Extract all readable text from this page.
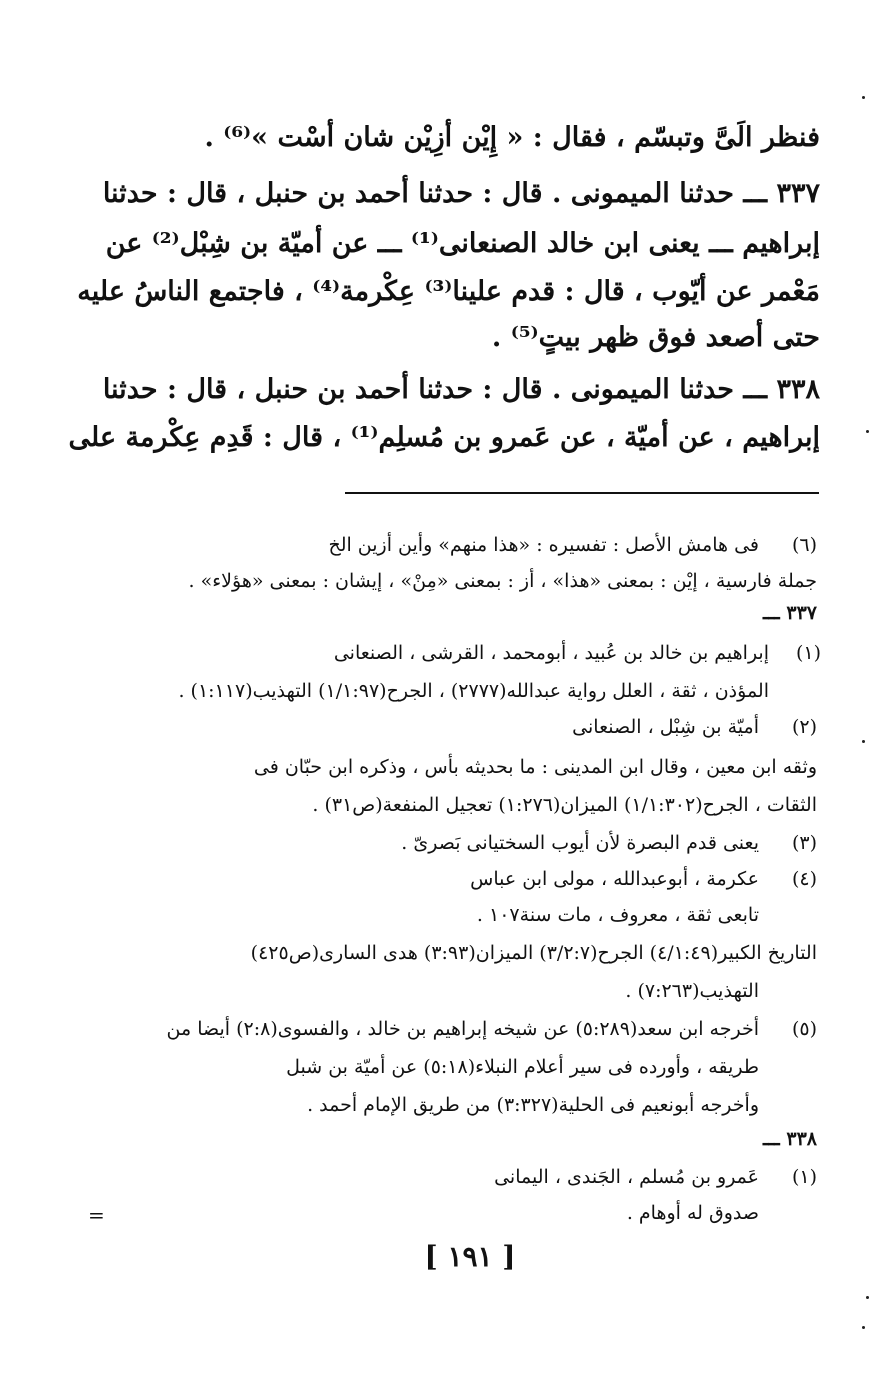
فنظر الَىَّ وتبسّم ، فقال : « إِيْن أزِيْن شان أسْت »⁽⁶⁾ .
٣٣٧ ـــ حدثنا الميمونى . قال : حدثنا أحمد بن حنبل ، قال : حدثنا
إبراهيم ـــ يعنى ابن خالد الصنعانى⁽¹⁾ ـــ عن أميّة بن شِبْل⁽²⁾ عن
مَعْمر عن أيّوب ، قال : قدم علينا⁽³⁾ عِكْرمة⁽⁴⁾ ، فاجتمع الناسُ عليه
حتى أصعد فوق ظهر بيتٍ⁽⁵⁾ .
٣٣٨ ـــ حدثنا الميمونى . قال : حدثنا أحمد بن حنبل ، قال : حدثنا
إبراهيم ، عن أميّة ، عن عَمرو بن مُسلِم⁽¹⁾ ، قال : قَدِم عِكْرمة على
(٦)
فى هامش الأصل : تفسيره : «هذا منهم» وأين أزين الخ
جملة فارسية ، إيْن : بمعنى «هذا» ، أز : بمعنى «مِنْ» ، إيشان : بمعنى «هؤلاء» .
٣٣٧ ـــ
(١)
إبراهيم بن خالد بن عُبيد ، أبومحمد ، القرشى ، الصنعانى
المؤذن ، ثقة ، العلل رواية عبدالله(٢٧٧٧) ، الجرح(١/١:٩٧) التهذيب(١:١١٧) .
(٢)
أميّة بن شِبْل ، الصنعانى
وثقه ابن معين ، وقال ابن المدينى : ما بحديثه بأس ، وذكره ابن حبّان فى
الثقات ، الجرح(١/١:٣٠٢) الميزان(١:٢٧٦) تعجيل المنفعة(ص٣١) .
(٣)
يعنى قدم البصرة لأن أيوب السختيانى بَصرىّ .
(٤)
عكرمة ، أبوعبدالله ، مولى ابن عباس
تابعى ثقة ، معروف ، مات سنة١٠٧ .
التاريخ الكبير(٤/١:٤٩) الجرح(٣/٢:٧) الميزان(٣:٩٣) هدى السارى(ص٤٢٥)
التهذيب(٧:٢٦٣) .
(٥)
أخرجه ابن سعد(٥:٢٨٩) عن شيخه إبراهيم بن خالد ، والفسوى(٢:٨) أيضا من
طريقه ، وأورده فى سير أعلام النبلاء(٥:١٨) عن أميّة بن شبل
وأخرجه أبونعيم فى الحلية(٣:٣٢٧) من طريق الإمام أحمد .
٣٣٨ ـــ
(١)
عَمرو بن مُسلم ، الجَندى ، اليمانى
صدوق له أوهام .
[ ١٩١ ]
=
